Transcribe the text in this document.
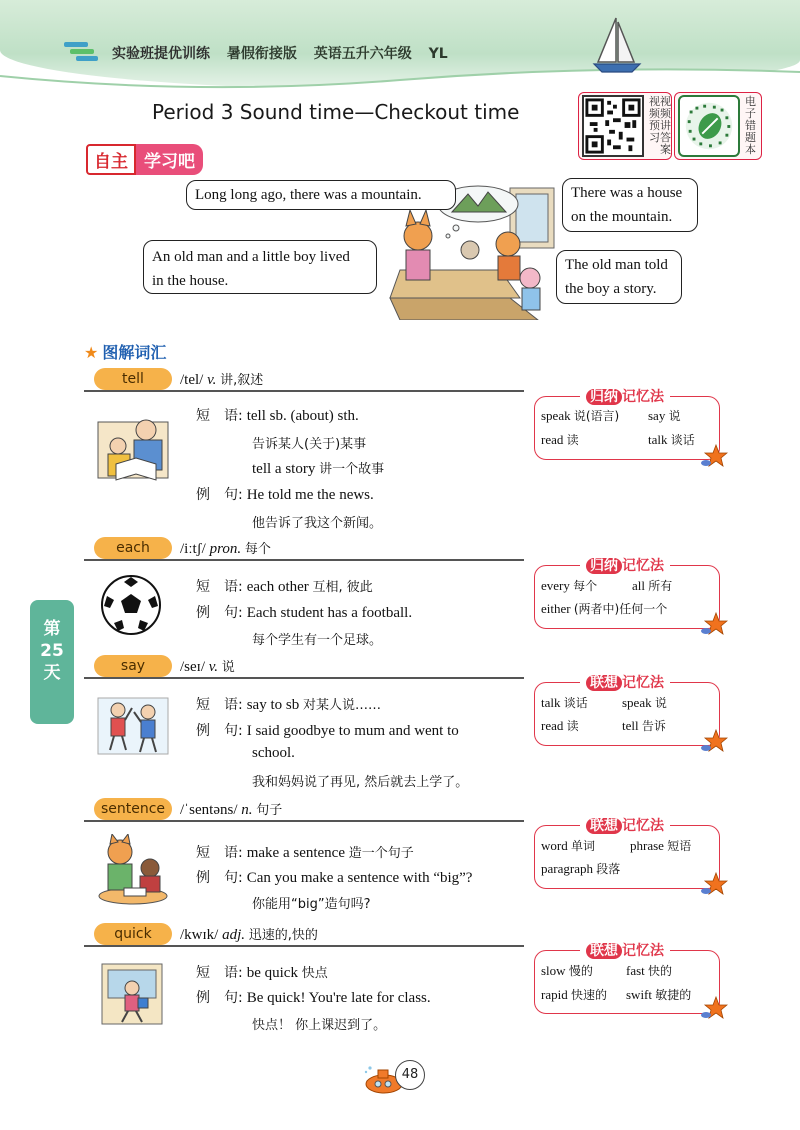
实验班提优训练 暑假衔接版 英语五升六年级 YL
Period 3 Sound time—Checkout time	视频预习
视频讲答案
电子错题本
自主 学习吧
Long long ago, there was a mountain.	There was a house
on the mountain.
An old man and a little boy lived
in the house.
The old man told
the boy a story.
★ 图解词汇
tell	/tel/ v. 讲,叙述
短　语: tell sb. (about) sth.
告诉某人(关于)某事
tell a story 讲一个故事
例　句: He told me the news.
他告诉了我这个新闻。
归纳 记忆法
speak 说(语言) say 说
read 读	talk 谈话
each	/iːtʃ/ pron. 每个
短　语: each other 互相, 彼此
例　句: Each student has a football.
每个学生有一个足球。
归纳 记忆法
every 每个	all 所有
either (两者中)任何一个
第
25
天	say	/seɪ/ v. 说
短　语: say to sb 对某人说……
例　句: I said goodbye to mum and went to
school.
我和妈妈说了再见, 然后就去上学了。
联想 记忆法
talk 谈话	speak 说
read 读	tell 告诉
sentence /ˈsentəns/ n. 句子
短　语: make a sentence 造一个句子
例　句: Can you make a sentence with “big”?
你能用“big”造句吗?
联想 记忆法
word 单词	phrase 短语
paragraph 段落
quick	/kwɪk/ adj. 迅速的,快的
短　语: be quick 快点
例　句: Be quick! You're late for class.
快点！ 你上课迟到了。
联想 记忆法
slow 慢的	fast 快的
rapid 快速的 swift 敏捷的
48
